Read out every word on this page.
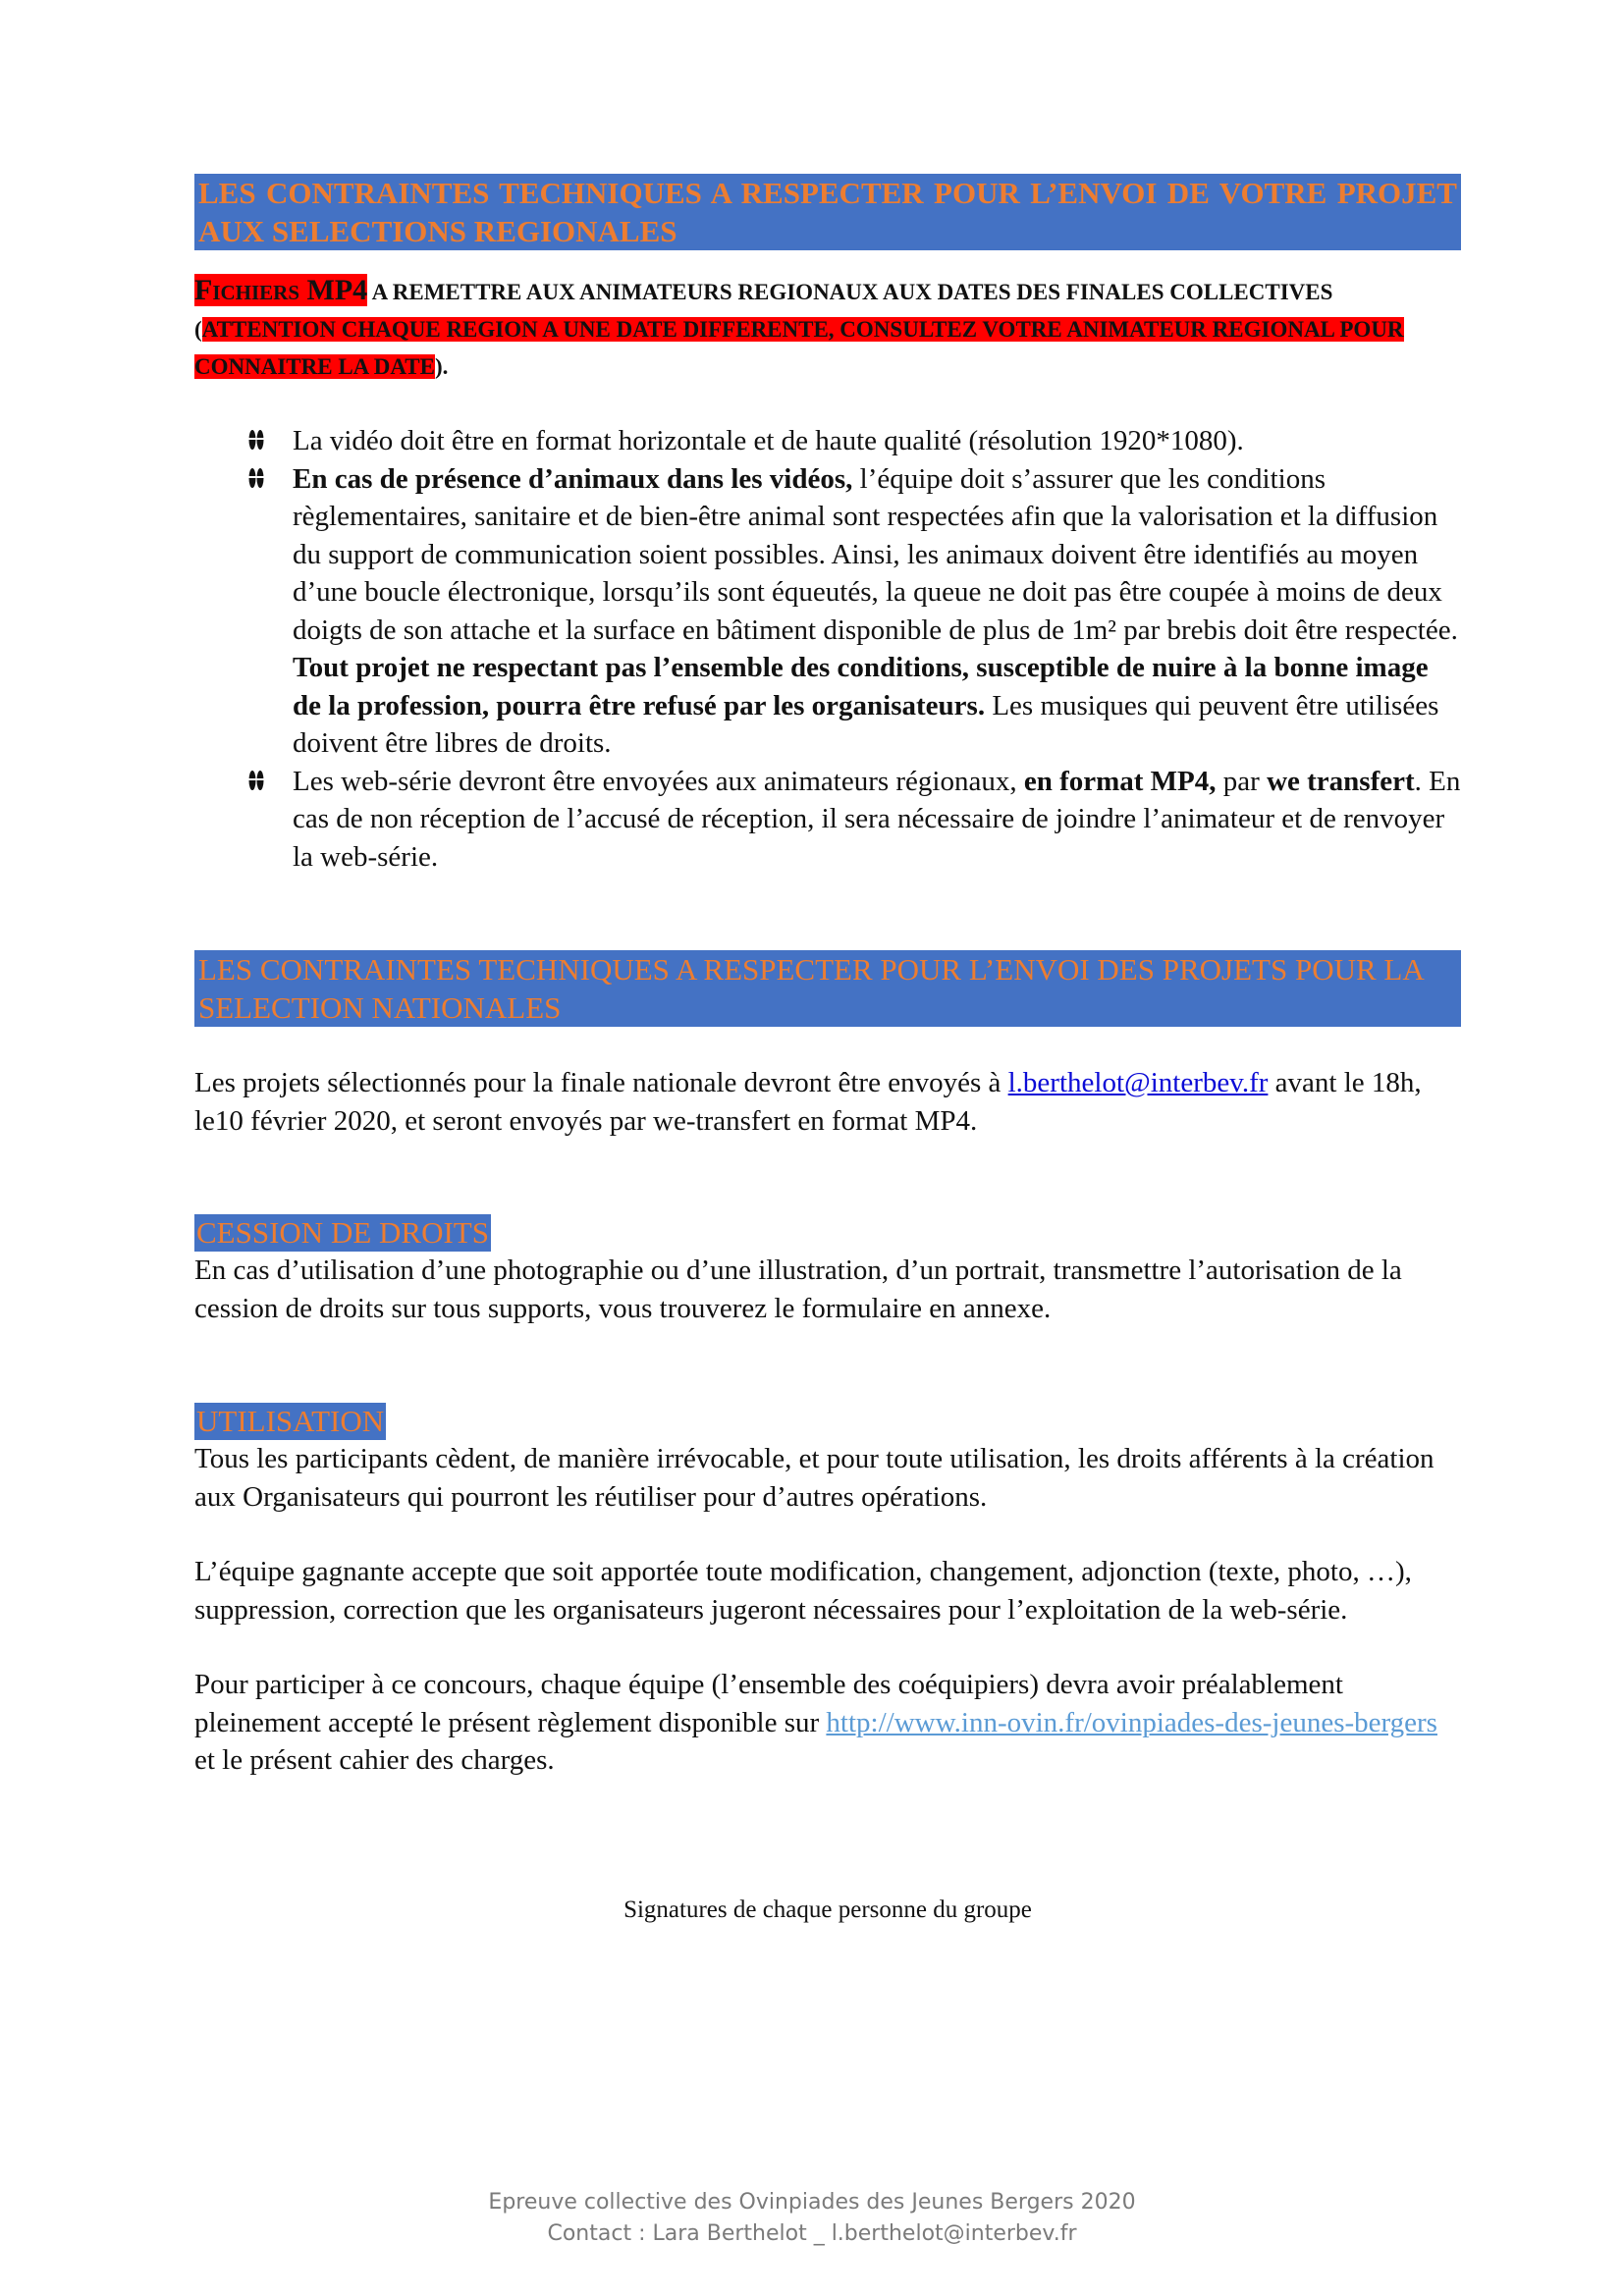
LES CONTRAINTES TECHNIQUES A RESPECTER POUR L’ENVOI DE VOTRE PROJET AUX SELECTIONS REGIONALES
Fichiers MP4 A REMETTRE AUX ANIMATEURS REGIONAUX AUX DATES DES FINALES COLLECTIVES (ATTENTION CHAQUE REGION A UNE DATE DIFFERENTE, CONSULTEZ VOTRE ANIMATEUR REGIONAL POUR CONNAITRE LA DATE).
La vidéo doit être en format horizontale et de haute qualité (résolution 1920*1080).
En cas de présence d’animaux dans les vidéos, l’équipe doit s’assurer que les conditions règlementaires, sanitaire et de bien-être animal sont respectées afin que la valorisation et la diffusion du support de communication soient possibles. Ainsi, les animaux doivent être identifiés au moyen d’une boucle électronique, lorsqu’ils sont équeutés, la queue ne doit pas être coupée à moins de deux doigts de son attache et la surface en bâtiment disponible de plus de 1m² par brebis doit être respectée. Tout projet ne respectant pas l’ensemble des conditions, susceptible de nuire à la bonne image de la profession, pourra être refusé par les organisateurs. Les musiques qui peuvent être utilisées doivent être libres de droits.
Les web-série devront être envoyées aux animateurs régionaux, en format MP4, par we transfert. En cas de non réception de l’accusé de réception, il sera nécessaire de joindre l’animateur et de renvoyer la web-série.
LES CONTRAINTES TECHNIQUES A RESPECTER POUR L’ENVOI DES PROJETS POUR LA SELECTION NATIONALES
Les projets sélectionnés pour la finale nationale devront être envoyés à l.berthelot@interbev.fr avant le 18h, le10 février 2020, et seront envoyés par we-transfert en format MP4.
CESSION DE DROITS
En cas d’utilisation d’une photographie ou d’une illustration, d’un portrait, transmettre l’autorisation de la cession de droits sur tous supports, vous trouverez le formulaire en annexe.
UTILISATION
Tous les participants cèdent, de manière irrévocable, et pour toute utilisation, les droits afférents à la création aux Organisateurs qui pourront les réutiliser pour d’autres opérations.
L’équipe gagnante accepte que soit apportée toute modification, changement, adjonction (texte, photo, …), suppression, correction que les organisateurs jugeront nécessaires pour l’exploitation de la web-série.
Pour participer à ce concours, chaque équipe (l’ensemble des coéquipiers) devra avoir préalablement pleinement accepté le présent règlement disponible sur http://www.inn-ovin.fr/ovinpiades-des-jeunes-bergers et le présent cahier des charges.
Signatures de chaque personne du groupe
Epreuve collective des Ovinpiades des Jeunes Bergers 2020
Contact : Lara Berthelot _ l.berthelot@interbev.fr
